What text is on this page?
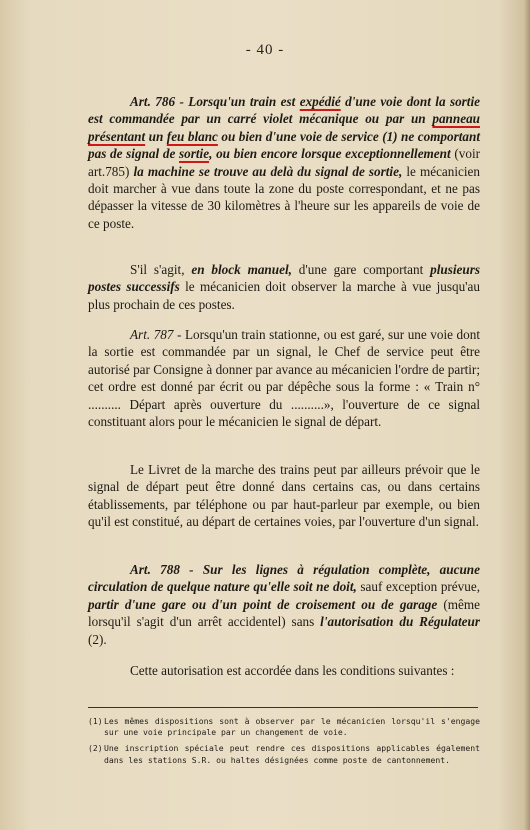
- 40 -

Art. 786 - Lorsqu'un train est expédié d'une voie dont la sortie est commandée par un carré violet mécanique ou par un panneau présentant un feu blanc ou bien d'une voie de service (1) ne comportant pas de signal de sortie, ou bien encore lorsque exceptionnellement (voir art.785) la machine se trouve au delà du signal de sortie, le mécanicien doit marcher à vue dans toute la zone du poste correspondant, et ne pas dépasser la vitesse de 30 kilomètres à l'heure sur les appareils de voie de ce poste.

S'il s'agit, en block manuel, d'une gare comportant plusieurs postes successifs le mécanicien doit observer la marche à vue jusqu'au plus prochain de ces postes.

Art. 787 - Lorsqu'un train stationne, ou est garé, sur une voie dont la sortie est commandée par un signal, le Chef de service peut être autorisé par Consigne à donner par avance au mécanicien l'ordre de partir; cet ordre est donné par écrit ou par dépêche sous la forme : « Train n° .......... Départ après ouverture du ..........», l'ouverture de ce signal constituant alors pour le mécanicien le signal de départ.

Le Livret de la marche des trains peut par ailleurs prévoir que le signal de départ peut être donné dans certains cas, ou dans certains établissements, par téléphone ou par haut-parleur par exemple, ou bien qu'il est constitué, au départ de certaines voies, par l'ouverture d'un signal.

Art. 788 - Sur les lignes à régulation complète, aucune circulation de quelque nature qu'elle soit ne doit, sauf exception prévue, partir d'une gare ou d'un point de croisement ou de garage (même lorsqu'il s'agit d'un arrêt accidentel) sans l'autorisation du Régulateur (2).

Cette autorisation est accordée dans les conditions suivantes :

(1) Les mêmes dispositions sont à observer par le mécanicien lorsqu'il s'engage sur une voie principale par un changement de voie.
(2) Une inscription spéciale peut rendre ces dispositions applicables également dans les stations S.R. ou haltes désignées comme poste de cantonnement.
